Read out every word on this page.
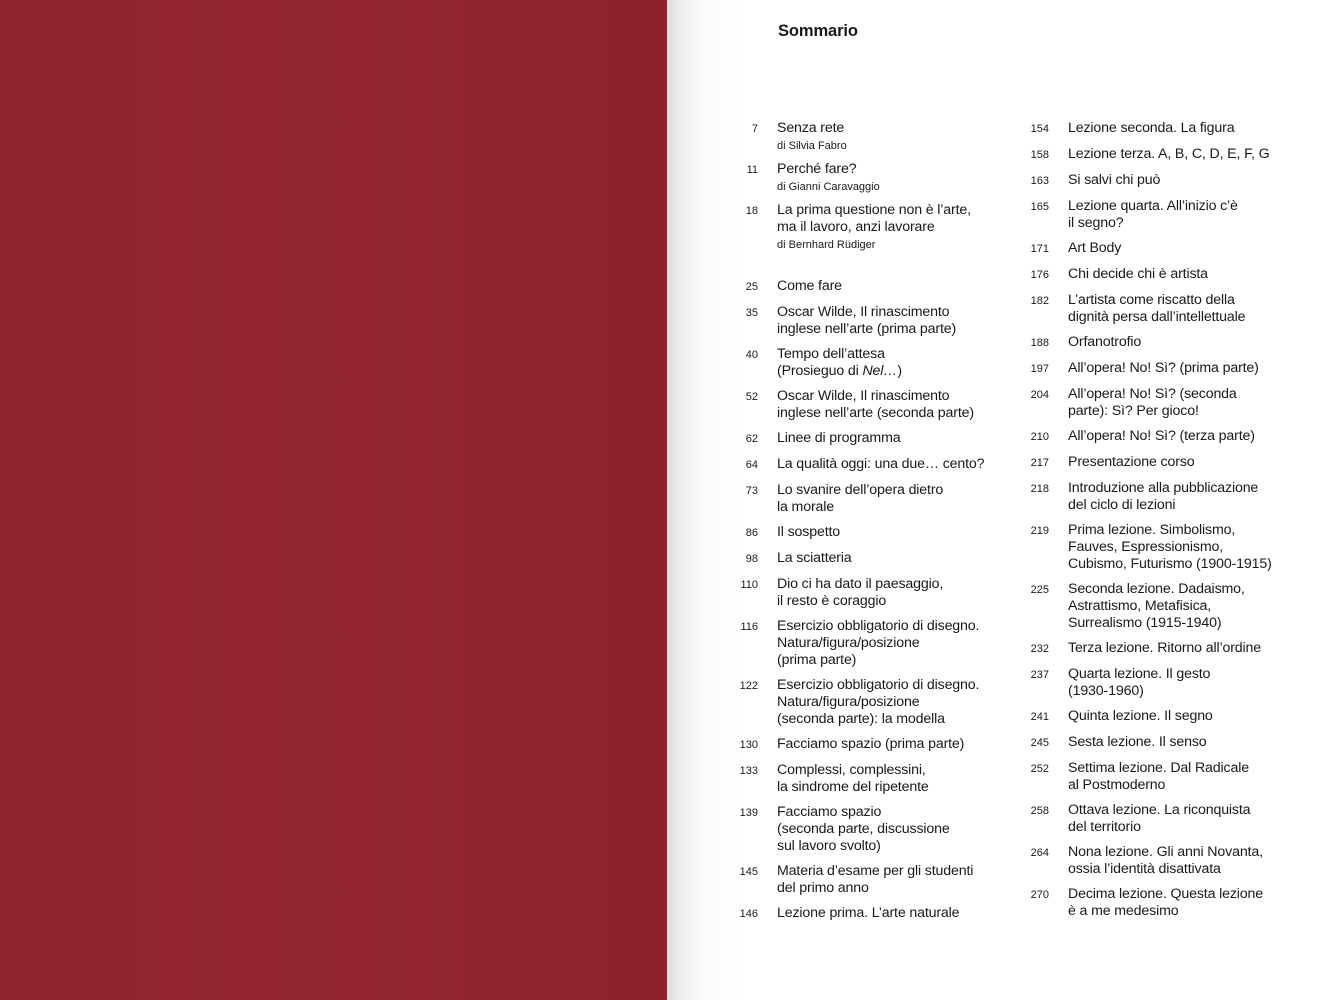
Sommario
7 Senza rete
di Silvia Fabro
11 Perché fare?
di Gianni Caravaggio
18 La prima questione non è l’arte,
ma il lavoro, anzi lavorare
di Bernhard Rüdiger
25 Come fare
35 Oscar Wilde, Il rinascimento
inglese nell’arte (prima parte)
40 Tempo dell’attesa
(Prosieguo di Nel…)
52 Oscar Wilde, Il rinascimento
inglese nell’arte (seconda parte)
62 Linee di programma
64 La qualità oggi: una due… cento?
73 Lo svanire dell’opera dietro
la morale
86 Il sospetto
98 La sciatteria
110 Dio ci ha dato il paesaggio,
il resto è coraggio
116 Esercizio obbligatorio di disegno.
Natura/figura/posizione
(prima parte)
122 Esercizio obbligatorio di disegno.
Natura/figura/posizione
(seconda parte): la modella
130 Facciamo spazio (prima parte)
133 Complessi, complessini,
la sindrome del ripetente
139 Facciamo spazio
(seconda parte, discussione
sul lavoro svolto)
145 Materia d’esame per gli studenti
del primo anno
146 Lezione prima. L’arte naturale
154 Lezione seconda. La figura
158 Lezione terza. A, B, C, D, E, F, G
163 Si salvi chi può
165 Lezione quarta. All’inizio c’è
il segno?
171 Art Body
176 Chi decide chi è artista
182 L’artista come riscatto della
dignità persa dall’intellettuale
188 Orfanotrofio
197 All’opera! No! Sì? (prima parte)
204 All’opera! No! Sì? (seconda
parte): Sì? Per gioco!
210 All’opera! No! Sì? (terza parte)
217 Presentazione corso
218 Introduzione alla pubblicazione
del ciclo di lezioni
219 Prima lezione. Simbolismo,
Fauves, Espressionismo,
Cubismo, Futurismo (1900-1915)
225 Seconda lezione. Dadaismo,
Astrattismo, Metafisica,
Surrealismo (1915-1940)
232 Terza lezione. Ritorno all’ordine
237 Quarta lezione. Il gesto
(1930-1960)
241 Quinta lezione. Il segno
245 Sesta lezione. Il senso
252 Settima lezione. Dal Radicale
al Postmoderno
258 Ottava lezione. La riconquista
del territorio
264 Nona lezione. Gli anni Novanta,
ossia l’identità disattivata
270 Decima lezione. Questa lezione
è a me medesimo
